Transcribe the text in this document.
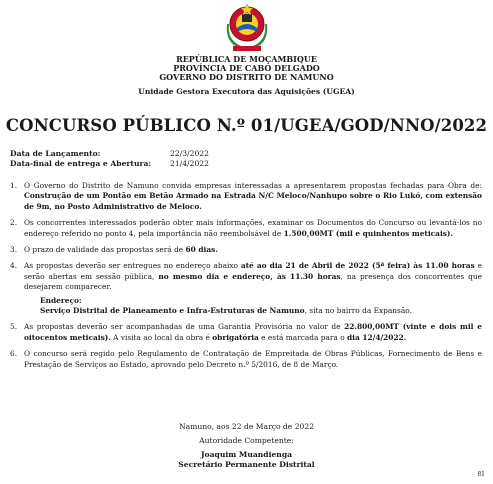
REPÚBLICA DE MOÇAMBIQUE
PROVÍNCIA DE CABO DELGADO
GOVERNO DO DISTRITO DE NAMUNO
Unidade Gestora Executora das Aquisições (UGEA)
CONCURSO PÚBLICO N.º 01/UGEA/GOD/NNO/2022
Data de Lançamento:	22/3/2022
Data-final de entrega e Abertura:	21/4/2022
1. O Governo do Distrito de Namuno convida empresas interessadas a apresentarem propostas fechadas para Obra de: Construção de um Pontão em Betão Armado na Estrada N/C Meloco/Nanhupo sobre o Rio Lukó, com extensão de 9m, no Posto Administrativo de Meloco.
2. Os concorrentes interessados poderão obter mais informações, examinar os Documentos do Concurso ou levantá-los no endereço referido no ponto 4, pela importância não reembolsável de 1.500,00MT (mil e quinhentos meticais).
3. O prazo de validade das propostas será de 60 dias.
4. As propostas deverão ser entregues no endereço abaixo até ao dia 21 de Abril de 2022 (5ª feira) às 11.00 horas e serão abertas em sessão pública, no mesmo dia e endereço, às 11.30 horas, na presença dos concorrentes que desejarem comparecer.
Endereço:
Serviço Distrital de Planeamento e Infra-Estruturas de Namuno, sita no bairro da Expansão.
5. As propostas deverão ser acompanhadas de uma Garantia Provisória no valor de 22.800,00MT (vinte e dois mil e oitocentos meticais). A visita ao local da obra é obrigatória e está marcada para o dia 12/4/2022.
6. O concurso será regido pelo Regulamento de Contratação de Empreitada de Obras Públicas, Fornecimento de Bens e Prestação de Serviços ao Estado, aprovado pelo Decreto n.º 5/2016, de 8 de Março.
Namuno, aos 22 de Março de 2022
Autoridade Competente:
Joaquim Muandienga
Secretário Permanente Distrital
81
